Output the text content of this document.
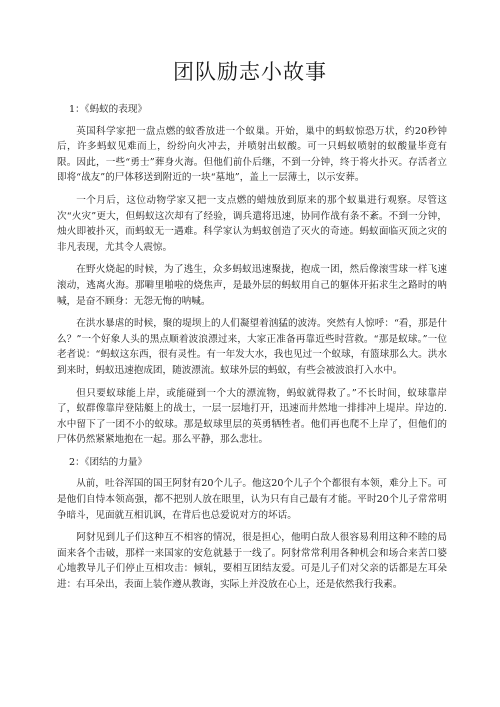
团队励志小故事
1：《蚂蚁的表现》

英国科学家把一盘点燃的蚊香放进一个蚁巢。开始，巢中的蚂蚁惊恐万状，约20秒钟后，许多蚂蚁见难而上，纷纷向火冲去，并喷射出蚁酸。可一只蚂蚁喷射的蚁酸量毕竟有限。因此，一些“勇士”葬身火海。但他们前仆后继，不到一分钟，终于将火扑灭。存活者立即将“战友”的尸体移送到附近的一块“墓地”，盖上一层薄土，以示安葬。

一个月后，这位动物学家又把一支点燃的蜡烛放到原来的那个蚁巢进行观察。尽管这次“火灾”更大，但蚂蚁这次却有了经验，调兵遣将迅速，协同作战有条不紊。不到一分钟，烛火即被扑灭，而蚂蚁无一遇难。科学家认为蚂蚁创造了灭火的奇迹。蚂蚁面临灭顶之灾的非凡表现，尤其令人震惊。

在野火烧起的时候，为了逃生，众多蚂蚁迅速聚拢，抱成一团，然后像滚雪球一样飞速滚动，逃离火海。那噼里啪啦的烧焦声，是最外层的蚂蚁用自己的躯体开拓求生之路时的呐喊，是奋不顾身：无怨无悔的呐喊。

在洪水暴虐的时候，聚的堤坝上的人们凝望着汹猛的波涛。突然有人惊呼：“看，那是什么？”一个好象人头的黑点顺着波浪漂过来，大家正准备再靠近些时营救。“那是蚁球。”一位老者说：“蚂蚁这东西，很有灵性。有一年发大水，我也见过一个蚁球，有篮球那么大。洪水到来时，蚂蚁迅速抱成团，随波漂流。蚁球外层的蚂蚁，有些会被波浪打入水中。

但只要蚁球能上岸，或能碰到一个大的漂流物，蚂蚁就得救了。”不长时间，蚁球靠岸了，蚁群像靠岸登陆艇上的战士，一层一层地打开，迅速而井然地一排排冲上堤岸。岸边的.水中留下了一团不小的蚁球。那是蚁球里层的英勇牺牲者。他们再也爬不上岸了，但他们的尸体仍然紧紧地抱在一起。那么平静，那么悲壮。

2：《团结的力量》

从前，吐谷浑国的国王阿豺有20个儿子。他这20个儿子个个都很有本领，难分上下。可是他们自恃本领高强，都不把别人放在眼里，认为只有自己最有才能。平时20个儿子常常明争暗斗，见面就互相讥讽，在背后也总爱说对方的坏话。

阿豺见到儿子们这种互不相容的情况，很是担心，他明白敌人很容易利用这种不睦的局面来各个击破，那样一来国家的安危就悬于一线了。阿豺常常利用各种机会和场合来苦口婆心地教导儿子们停止互相攻击：倾轧，要相互团结友爱。可是儿子们对父亲的话都是左耳朵进：右耳朵出，表面上装作遵从教诲，实际上并没放在心上，还是依然我行我素。
